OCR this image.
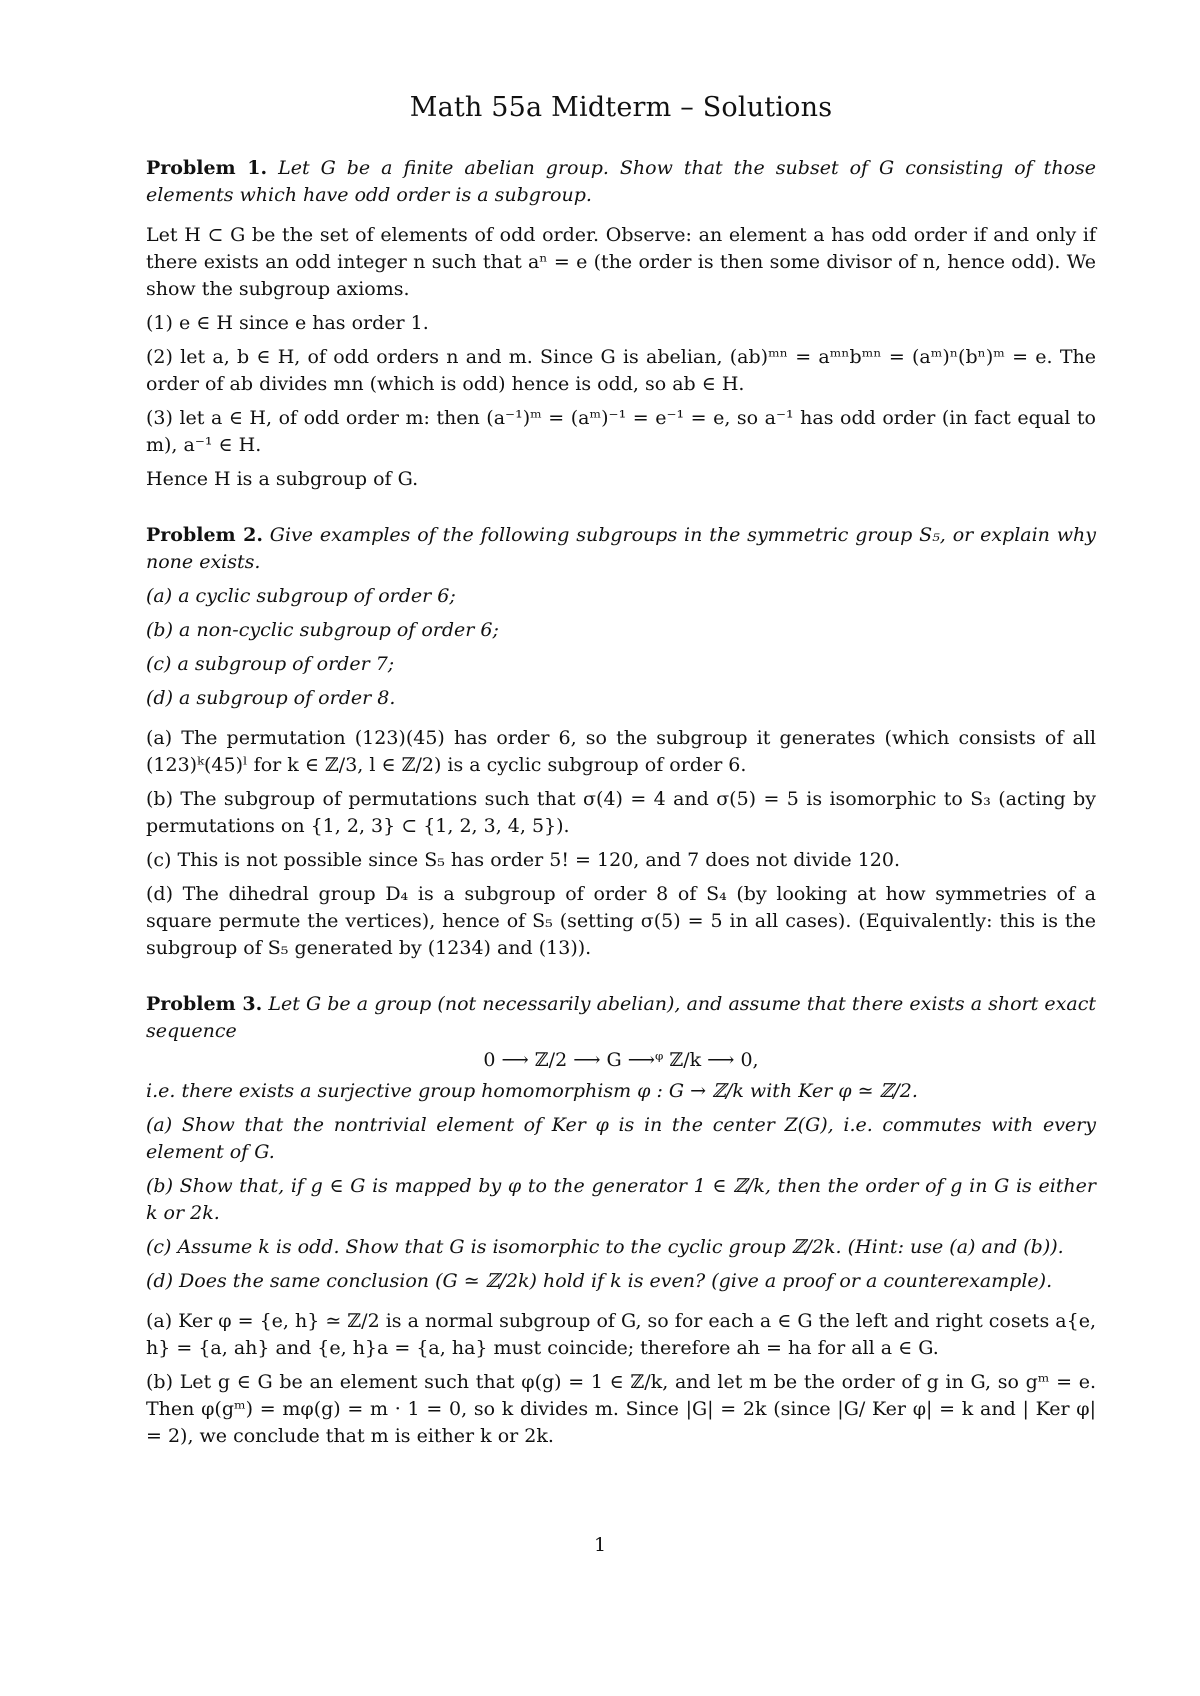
Math 55a Midterm – Solutions

Problem 1. Let G be a finite abelian group. Show that the subset of G consisting of those elements which have odd order is a subgroup.

Let H ⊂ G be the set of elements of odd order. Observe: an element a has odd order if and only if there exists an odd integer n such that aⁿ = e (the order is then some divisor of n, hence odd). We show the subgroup axioms.

(1) e ∈ H since e has order 1.

(2) let a, b ∈ H, of odd orders n and m. Since G is abelian, (ab)ᵐⁿ = aᵐⁿbᵐⁿ = (aᵐ)ⁿ(bⁿ)ᵐ = e. The order of ab divides mn (which is odd) hence is odd, so ab ∈ H.

(3) let a ∈ H, of odd order m: then (a⁻¹)ᵐ = (aᵐ)⁻¹ = e⁻¹ = e, so a⁻¹ has odd order (in fact equal to m), a⁻¹ ∈ H.

Hence H is a subgroup of G.

Problem 2. Give examples of the following subgroups in the symmetric group S₅, or explain why none exists.

(a) a cyclic subgroup of order 6;

(b) a non-cyclic subgroup of order 6;

(c) a subgroup of order 7;

(d) a subgroup of order 8.

(a) The permutation (123)(45) has order 6, so the subgroup it generates (which consists of all (123)ᵏ(45)ˡ for k ∈ ℤ/3, l ∈ ℤ/2) is a cyclic subgroup of order 6.

(b) The subgroup of permutations such that σ(4) = 4 and σ(5) = 5 is isomorphic to S₃ (acting by permutations on {1, 2, 3} ⊂ {1, 2, 3, 4, 5}).

(c) This is not possible since S₅ has order 5! = 120, and 7 does not divide 120.

(d) The dihedral group D₄ is a subgroup of order 8 of S₄ (by looking at how symmetries of a square permute the vertices), hence of S₅ (setting σ(5) = 5 in all cases). (Equivalently: this is the subgroup of S₅ generated by (1234) and (13)).

Problem 3. Let G be a group (not necessarily abelian), and assume that there exists a short exact sequence

0 ⟶ ℤ/2 ⟶ G ⟶ᵠ ℤ/k ⟶ 0,

i.e. there exists a surjective group homomorphism φ : G → ℤ/k with Ker φ ≃ ℤ/2.

(a) Show that the nontrivial element of Ker φ is in the center Z(G), i.e. commutes with every element of G.

(b) Show that, if g ∈ G is mapped by φ to the generator 1 ∈ ℤ/k, then the order of g in G is either k or 2k.

(c) Assume k is odd. Show that G is isomorphic to the cyclic group ℤ/2k. (Hint: use (a) and (b)).

(d) Does the same conclusion (G ≃ ℤ/2k) hold if k is even? (give a proof or a counterexample).

(a) Ker φ = {e, h} ≃ ℤ/2 is a normal subgroup of G, so for each a ∈ G the left and right cosets a{e, h} = {a, ah} and {e, h}a = {a, ha} must coincide; therefore ah = ha for all a ∈ G.

(b) Let g ∈ G be an element such that φ(g) = 1 ∈ ℤ/k, and let m be the order of g in G, so gᵐ = e. Then φ(gᵐ) = mφ(g) = m · 1 = 0, so k divides m. Since |G| = 2k (since |G/ Ker φ| = k and | Ker φ| = 2), we conclude that m is either k or 2k.

1
